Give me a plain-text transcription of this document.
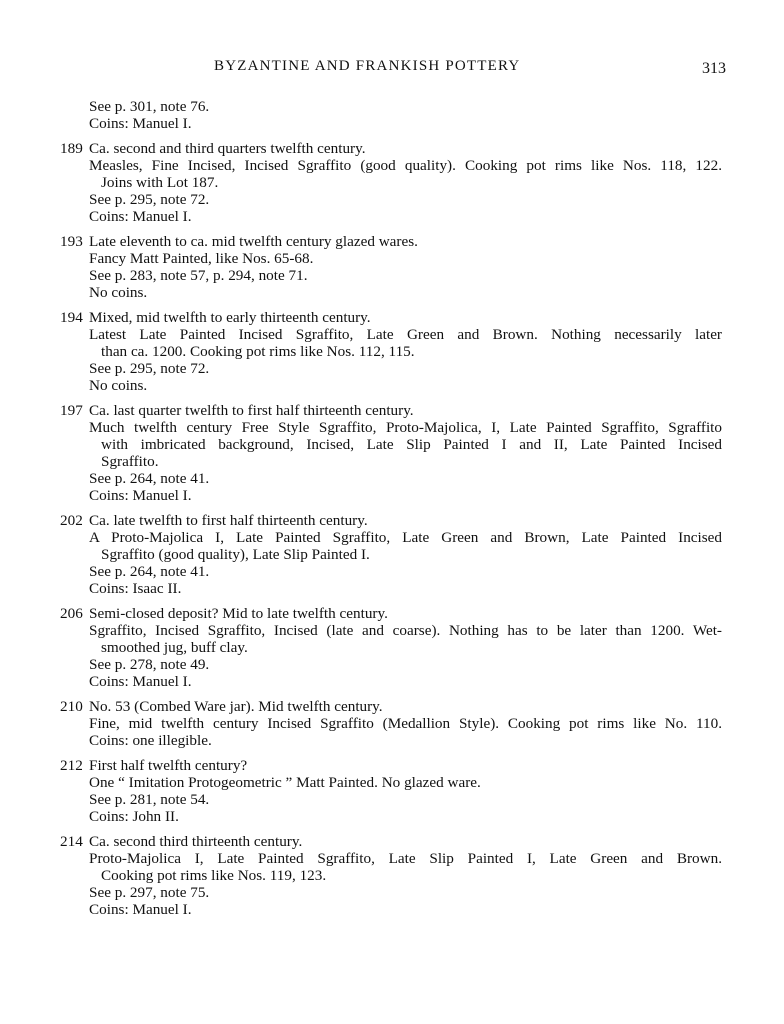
BYZANTINE AND FRANKISH POTTERY	313
See p. 301, note 76.
Coins: Manuel I.
189 Ca. second and third quarters twelfth century.
Measles, Fine Incised, Incised Sgraffito (good quality). Cooking pot rims like Nos. 118, 122.
Joins with Lot 187.
See p. 295, note 72.
Coins: Manuel I.
193 Late eleventh to ca. mid twelfth century glazed wares.
Fancy Matt Painted, like Nos. 65-68.
See p. 283, note 57, p. 294, note 71.
No coins.
194 Mixed, mid twelfth to early thirteenth century.
Latest Late Painted Incised Sgraffito, Late Green and Brown. Nothing necessarily later
than ca. 1200. Cooking pot rims like Nos. 112, 115.
See p. 295, note 72.
No coins.
197 Ca. last quarter twelfth to first half thirteenth century.
Much twelfth century Free Style Sgraffito, Proto-Majolica, I, Late Painted Sgraffito, Sgraffito
with imbricated background, Incised, Late Slip Painted I and II, Late Painted Incised
Sgraffito.
See p. 264, note 41.
Coins: Manuel I.
202 Ca. late twelfth to first half thirteenth century.
A Proto-Majolica I, Late Painted Sgraffito, Late Green and Brown, Late Painted Incised
Sgraffito (good quality), Late Slip Painted I.
See p. 264, note 41.
Coins: Isaac II.
206 Semi-closed deposit? Mid to late twelfth century.
Sgraffito, Incised Sgraffito, Incised (late and coarse). Nothing has to be later than 1200. Wet-
smoothed jug, buff clay.
See p. 278, note 49.
Coins: Manuel I.
210 No. 53 (Combed Ware jar). Mid twelfth century.
Fine, mid twelfth century Incised Sgraffito (Medallion Style). Cooking pot rims like No. 110.
Coins: one illegible.
212 First half twelfth century?
One “ Imitation Protogeometric ” Matt Painted. No glazed ware.
See p. 281, note 54.
Coins: John II.
214 Ca. second third thirteenth century.
Proto-Majolica I, Late Painted Sgraffito, Late Slip Painted I, Late Green and Brown.
Cooking pot rims like Nos. 119, 123.
See p. 297, note 75.
Coins: Manuel I.
